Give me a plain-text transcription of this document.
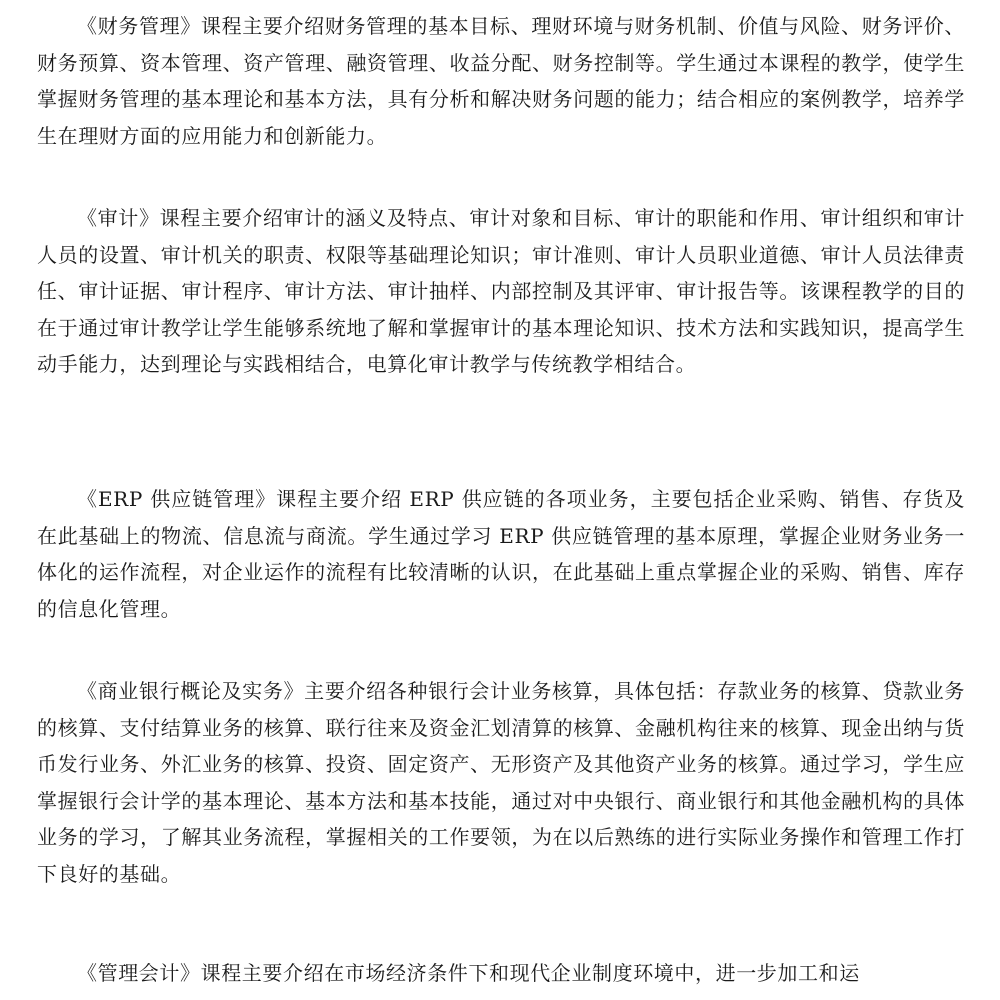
《财务管理》课程主要介绍财务管理的基本目标、理财环境与财务机制、价值与风险、财务评价、财务预算、资本管理、资产管理、融资管理、收益分配、财务控制等。学生通过本课程的教学，使学生掌握财务管理的基本理论和基本方法，具有分析和解决财务问题的能力；结合相应的案例教学，培养学生在理财方面的应用能力和创新能力。

《审计》课程主要介绍审计的涵义及特点、审计对象和目标、审计的职能和作用、审计组织和审计人员的设置、审计机关的职责、权限等基础理论知识；审计准则、审计人员职业道德、审计人员法律责任、审计证据、审计程序、审计方法、审计抽样、内部控制及其评审、审计报告等。该课程教学的目的在于通过审计教学让学生能够系统地了解和掌握审计的基本理论知识、技术方法和实践知识，提高学生动手能力，达到理论与实践相结合，电算化审计教学与传统教学相结合。

《ERP 供应链管理》课程主要介绍 ERP 供应链的各项业务，主要包括企业采购、销售、存货及在此基础上的物流、信息流与商流。学生通过学习 ERP 供应链管理的基本原理，掌握企业财务业务一体化的运作流程，对企业运作的流程有比较清晰的认识，在此基础上重点掌握企业的采购、销售、库存的信息化管理。

《商业银行概论及实务》主要介绍各种银行会计业务核算，具体包括：存款业务的核算、贷款业务的核算、支付结算业务的核算、联行往来及资金汇划清算的核算、金融机构往来的核算、现金出纳与货币发行业务、外汇业务的核算、投资、固定资产、无形资产及其他资产业务的核算。通过学习，学生应掌握银行会计学的基本理论、基本方法和基本技能，通过对中央银行、商业银行和其他金融机构的具体业务的学习，了解其业务流程，掌握相关的工作要领，为在以后熟练的进行实际业务操作和管理工作打下良好的基础。

《管理会计》课程主要介绍在市场经济条件下和现代企业制度环境中，进一步加工和运
